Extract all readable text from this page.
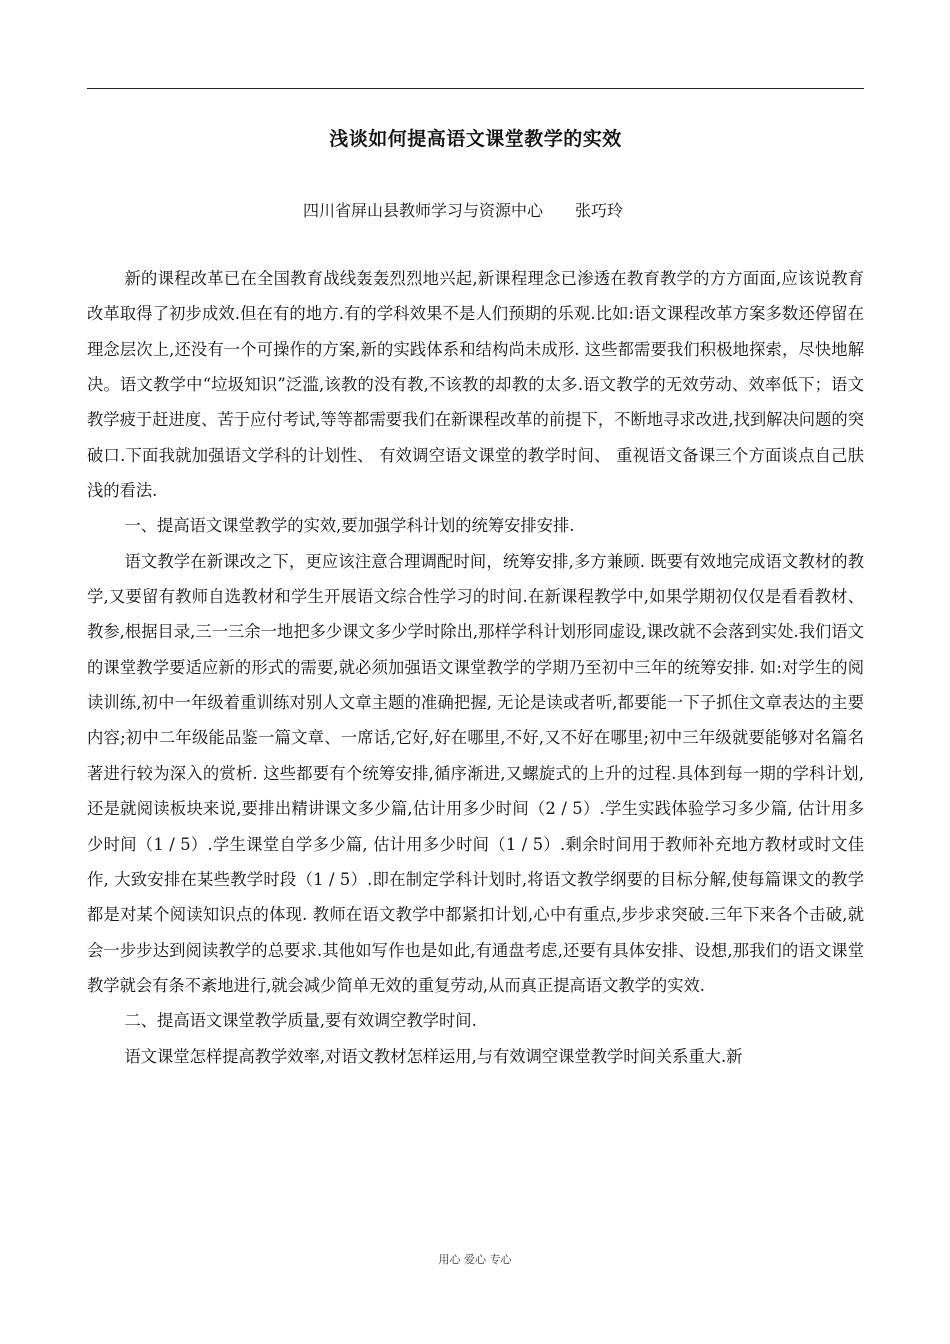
浅谈如何提高语文课堂教学的实效
四川省屏山县教师学习与资源中心 张巧玲

新的课程改革已在全国教育战线轰轰烈烈地兴起,新课程理念已渗透在教育教学的方方面面,应该说教育改革取得了初步成效.但在有的地方.有的学科效果不是人们预期的乐观.比如:语文课程改革方案多数还停留在理念层次上,还没有一个可操作的方案,新的实践体系和结构尚未成形. 这些都需要我们积极地探索，尽快地解决。语文教学中“垃圾知识”泛滥,该教的没有教,不该教的却教的太多.语文教学的无效劳动、效率低下；语文教学疲于赶进度、苦于应付考试,等等都需要我们在新课程改革的前提下，不断地寻求改进,找到解决问题的突破口.下面我就加强语文学科的计划性、 有效调空语文课堂的教学时间、 重视语文备课三个方面谈点自己肤浅的看法.

一、提高语文课堂教学的实效,要加强学科计划的统筹安排安排.

语文教学在新课改之下，更应该注意合理调配时间，统筹安排,多方兼顾. 既要有效地完成语文教材的教学,又要留有教师自选教材和学生开展语文综合性学习的时间.在新课程教学中,如果学期初仅仅是看看教材、教参,根据目录,三一三余一地把多少课文多少学时除出,那样学科计划形同虚设,课改就不会落到实处.我们语文的课堂教学要适应新的形式的需要,就必须加强语文课堂教学的学期乃至初中三年的统筹安排. 如:对学生的阅读训练,初中一年级着重训练对别人文章主题的准确把握, 无论是读或者听,都要能一下子抓住文章表达的主要内容;初中二年级能品鉴一篇文章、一席话,它好,好在哪里,不好,又不好在哪里;初中三年级就要能够对名篇名著进行较为深入的赏析. 这些都要有个统筹安排,循序渐进,又螺旋式的上升的过程.具体到每一期的学科计划,还是就阅读板块来说,要排出精讲课文多少篇,估计用多少时间（2 / 5）.学生实践体验学习多少篇, 估计用多少时间（1 / 5）.学生课堂自学多少篇, 估计用多少时间（1 / 5）.剩余时间用于教师补充地方教材或时文佳作, 大致安排在某些教学时段（1 / 5）.即在制定学科计划时,将语文教学纲要的目标分解,使每篇课文的教学都是对某个阅读知识点的体现. 教师在语文教学中都紧扣计划,心中有重点,步步求突破.三年下来各个击破,就会一步步达到阅读教学的总要求.其他如写作也是如此,有通盘考虑,还要有具体安排、设想,那我们的语文课堂教学就会有条不紊地进行,就会减少简单无效的重复劳动,从而真正提高语文教学的实效.

二、提高语文课堂教学质量,要有效调空教学时间.

语文课堂怎样提高教学效率,对语文教材怎样运用,与有效调空课堂教学时间关系重大.新

用心 爱心 专心
